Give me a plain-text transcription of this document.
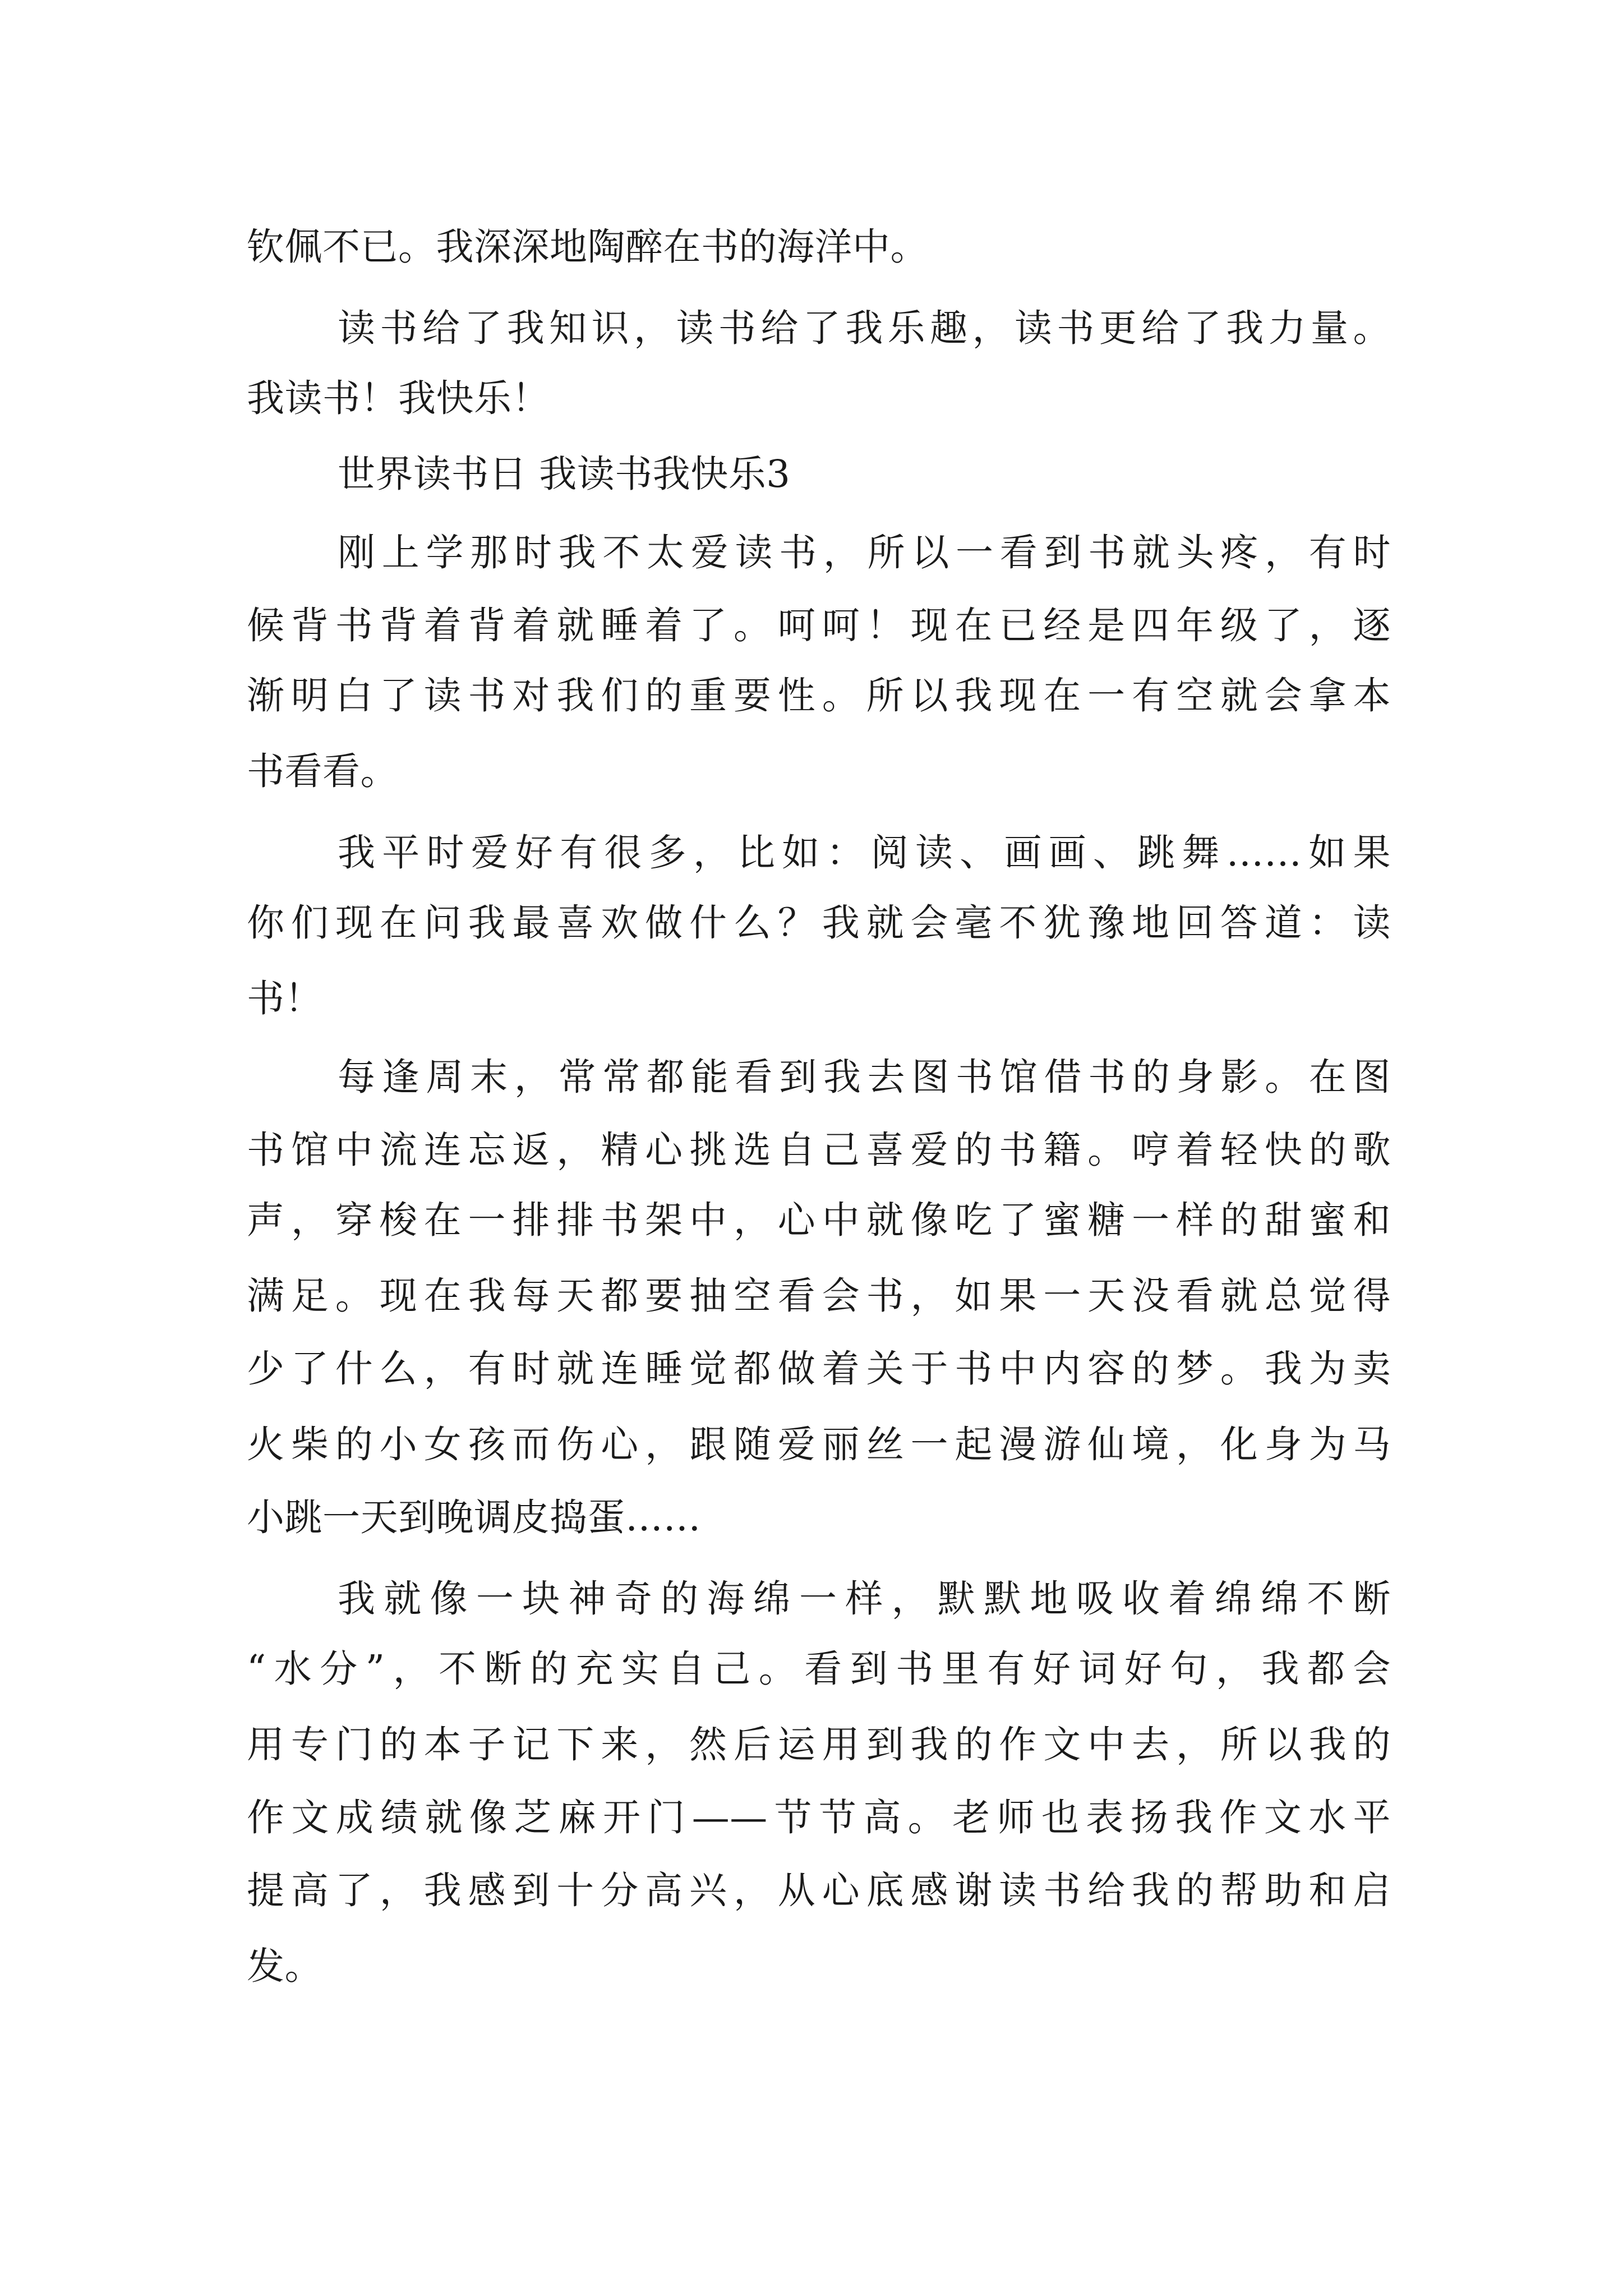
钦佩不已。我深深地陶醉在书的海洋中。

读书给了我知识，读书给了我乐趣，读书更给了我力量。

我读书！我快乐！

世界读书日 我读书我快乐3

刚上学那时我不太爱读书，所以一看到书就头疼，有时

候背书背着背着就睡着了。呵呵！现在已经是四年级了，逐

渐明白了读书对我们的重要性。所以我现在一有空就会拿本

书看看。

我平时爱好有很多，比如：阅读、画画、跳舞……如果

你们现在问我最喜欢做什么？我就会毫不犹豫地回答道：读

书！

每逢周末，常常都能看到我去图书馆借书的身影。在图

书馆中流连忘返，精心挑选自己喜爱的书籍。哼着轻快的歌

声，穿梭在一排排书架中，心中就像吃了蜜糖一样的甜蜜和

满足。现在我每天都要抽空看会书，如果一天没看就总觉得

少了什么，有时就连睡觉都做着关于书中内容的梦。我为卖

火柴的小女孩而伤心，跟随爱丽丝一起漫游仙境，化身为马

小跳一天到晚调皮捣蛋……

我就像一块神奇的海绵一样，默默地吸收着绵绵不断

“水分”，不断的充实自己。看到书里有好词好句，我都会

用专门的本子记下来，然后运用到我的作文中去，所以我的

作文成绩就像芝麻开门——节节高。老师也表扬我作文水平

提高了，我感到十分高兴，从心底感谢读书给我的帮助和启

发。
